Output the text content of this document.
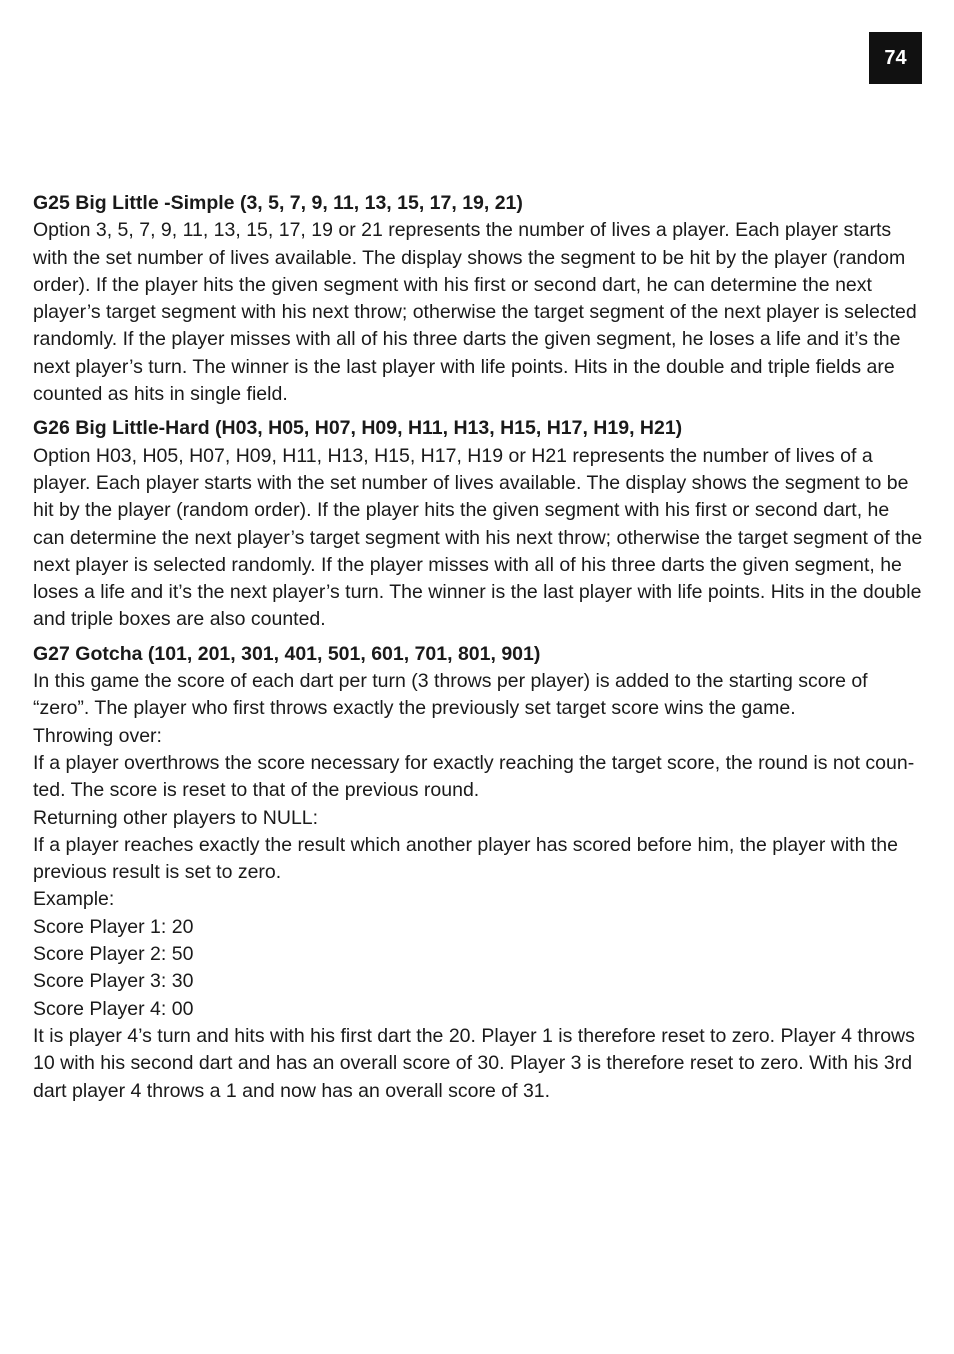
74

G25 Big Little -Simple (3, 5, 7, 9, 11, 13, 15, 17, 19, 21)

Option 3, 5, 7, 9, 11, 13, 15, 17, 19 or 21 represents the number of lives a player. Each player starts with the set number of lives available. The display shows the segment to be hit by the player (random order). If the player hits the given segment with his first or second dart, he can determine the next player’s target segment with his next throw; otherwise the target segment of the next player is selected randomly. If the player misses with all of his three darts the given segment, he loses a life and it’s the next player’s turn. The winner is the last player with life points. Hits in the double and triple fields are counted as hits in single field.

G26 Big Little-Hard (H03, H05, H07, H09, H11, H13, H15, H17, H19, H21)

Option H03, H05, H07, H09, H11, H13, H15, H17, H19 or H21 represents the number of lives of a player. Each player starts with the set number of lives available. The display shows the segment to be hit by the player (random order). If the player hits the given segment with his first or second dart, he can determine the next player’s target segment with his next throw; otherwise the target segment of the next player is selected randomly. If the player misses with all of his three darts the given segment, he loses a life and it’s the next player’s turn. The winner is the last player with life points. Hits in the double and triple boxes are also counted.

G27 Gotcha (101, 201, 301, 401, 501, 601, 701, 801, 901)

In this game the score of each dart per turn (3 throws per player) is added to the starting score of “zero”. The player who first throws exactly the previously set target score wins the game.
Throwing over:
If a player overthrows the score necessary for exactly reaching the target score, the round is not coun-ted. The score is reset to that of the previous round.
Returning other players to NULL:
If a player reaches exactly the result which another player has scored before him, the player with the previous result is set to zero.
Example:
Score Player 1: 20
Score Player 2: 50
Score Player 3: 30
Score Player 4: 00
It is player 4’s turn and hits with his first dart the 20. Player 1 is therefore reset to zero. Player 4 throws 10 with his second dart and has an overall score of 30. Player 3 is therefore reset to zero. With his 3rd dart player 4 throws a 1 and now has an overall score of 31.
